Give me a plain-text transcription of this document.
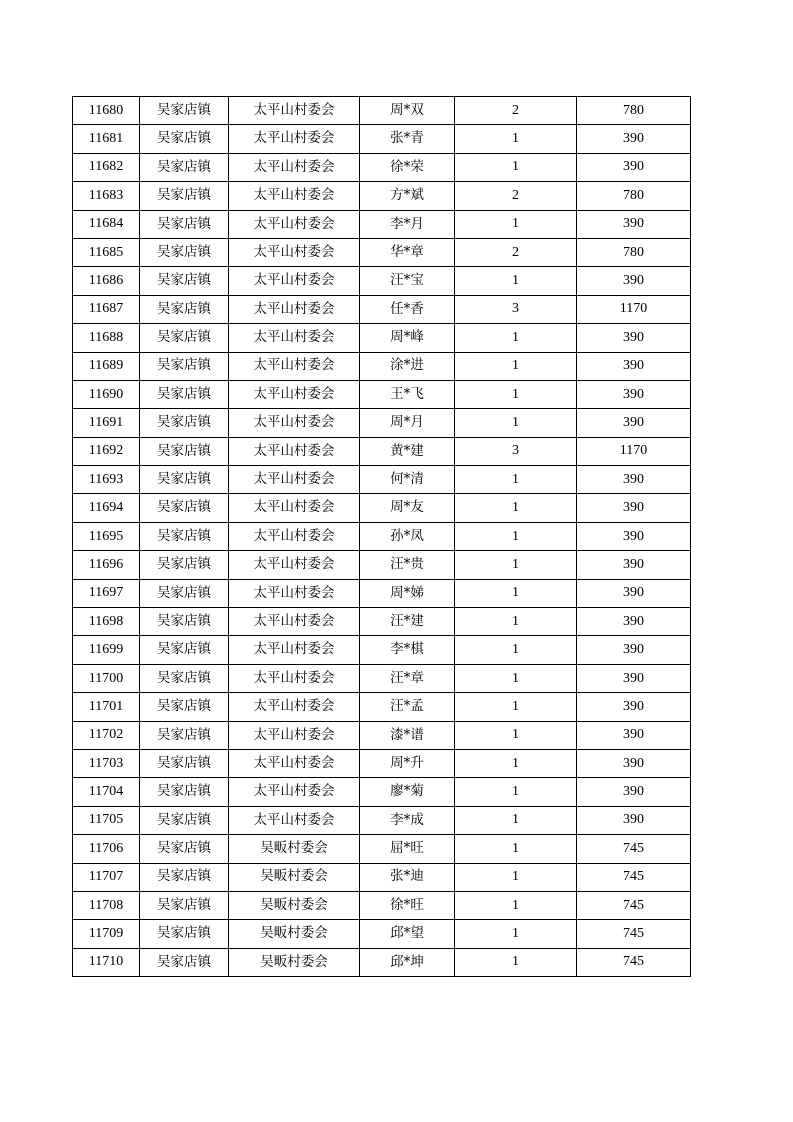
11680	吴家店镇	太平山村委会	周*双	2	780
11681	吴家店镇	太平山村委会	张*青	1	390
11682	吴家店镇	太平山村委会	徐*荣	1	390
11683	吴家店镇	太平山村委会	方*斌	2	780
11684	吴家店镇	太平山村委会	李*月	1	390
11685	吴家店镇	太平山村委会	华*章	2	780
11686	吴家店镇	太平山村委会	汪*宝	1	390
11687	吴家店镇	太平山村委会	任*香	3	1170
11688	吴家店镇	太平山村委会	周*峰	1	390
11689	吴家店镇	太平山村委会	涂*进	1	390
11690	吴家店镇	太平山村委会	王*飞	1	390
11691	吴家店镇	太平山村委会	周*月	1	390
11692	吴家店镇	太平山村委会	黄*建	3	1170
11693	吴家店镇	太平山村委会	何*清	1	390
11694	吴家店镇	太平山村委会	周*友	1	390
11695	吴家店镇	太平山村委会	孙*凤	1	390
11696	吴家店镇	太平山村委会	汪*贵	1	390
11697	吴家店镇	太平山村委会	周*娣	1	390
11698	吴家店镇	太平山村委会	汪*建	1	390
11699	吴家店镇	太平山村委会	李*棋	1	390
11700	吴家店镇	太平山村委会	汪*章	1	390
11701	吴家店镇	太平山村委会	汪*孟	1	390
11702	吴家店镇	太平山村委会	漆*谱	1	390
11703	吴家店镇	太平山村委会	周*升	1	390
11704	吴家店镇	太平山村委会	廖*菊	1	390
11705	吴家店镇	太平山村委会	李*成	1	390
11706	吴家店镇	吴畈村委会	屈*旺	1	745
11707	吴家店镇	吴畈村委会	张*迪	1	745
11708	吴家店镇	吴畈村委会	徐*旺	1	745
11709	吴家店镇	吴畈村委会	邱*望	1	745
11710	吴家店镇	吴畈村委会	邱*坤	1	745
